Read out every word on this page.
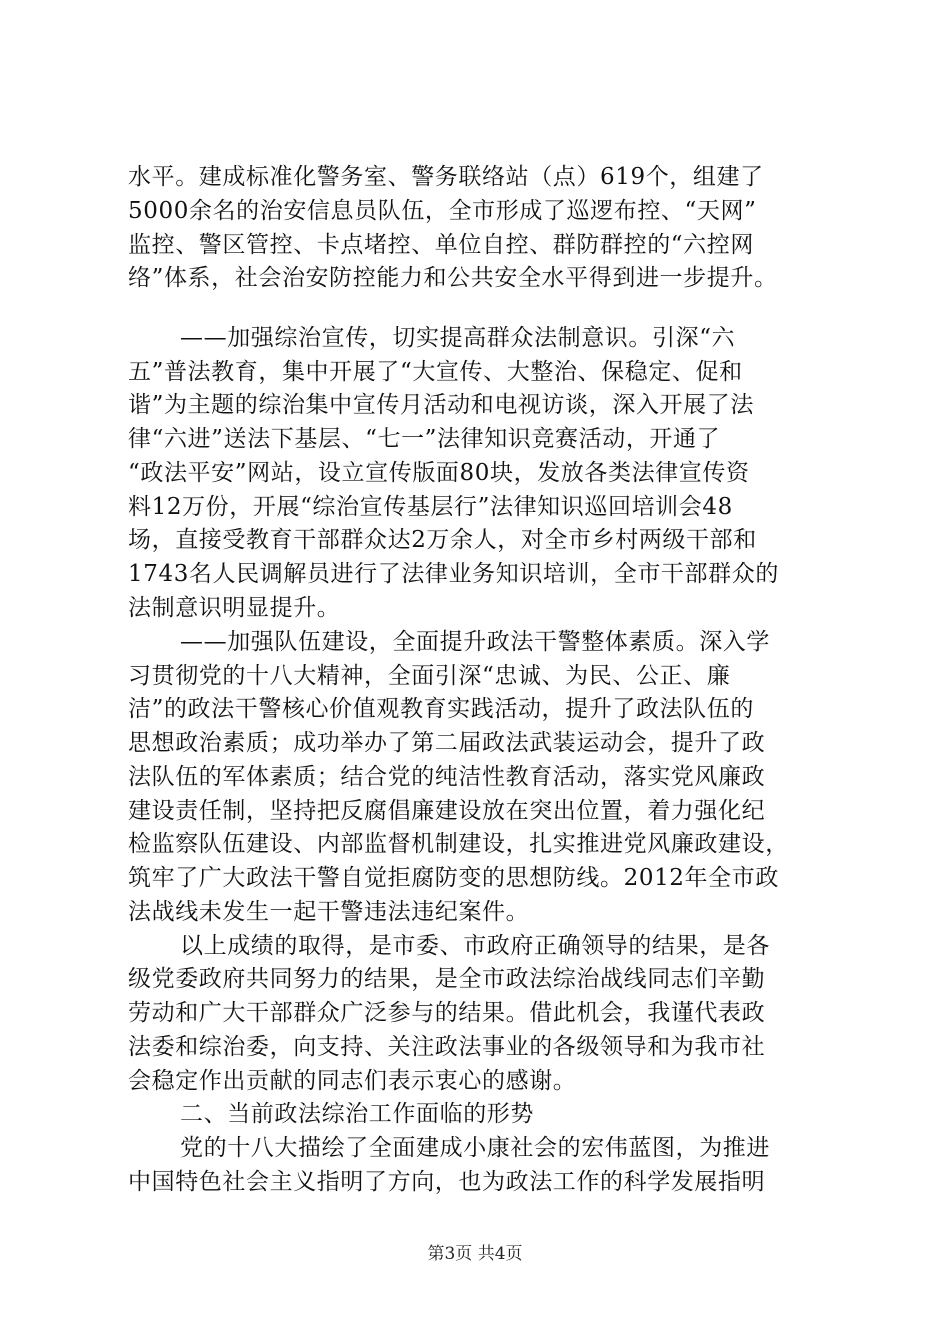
水平。建成标准化警务室、警务联络站（点）619个，组建了
5000余名的治安信息员队伍，全市形成了巡逻布控、“天网”
监控、警区管控、卡点堵控、单位自控、群防群控的“六控网
络”体系，社会治安防控能力和公共安全水平得到进一步提升。
——加强综治宣传，切实提高群众法制意识。引深“六
五”普法教育，集中开展了“大宣传、大整治、保稳定、促和
谐”为主题的综治集中宣传月活动和电视访谈，深入开展了法
律“六进”送法下基层、“七一”法律知识竞赛活动，开通了
“政法平安”网站，设立宣传版面80块，发放各类法律宣传资
料12万份，开展“综治宣传基层行”法律知识巡回培训会48
场，直接受教育干部群众达2万余人，对全市乡村两级干部和
1743名人民调解员进行了法律业务知识培训，全市干部群众的
法制意识明显提升。
——加强队伍建设，全面提升政法干警整体素质。深入学
习贯彻党的十八大精神，全面引深“忠诚、为民、公正、廉
洁”的政法干警核心价值观教育实践活动，提升了政法队伍的
思想政治素质；成功举办了第二届政法武装运动会，提升了政
法队伍的军体素质；结合党的纯洁性教育活动，落实党风廉政
建设责任制，坚持把反腐倡廉建设放在突出位置，着力强化纪
检监察队伍建设、内部监督机制建设，扎实推进党风廉政建设，
筑牢了广大政法干警自觉拒腐防变的思想防线。2012年全市政
法战线未发生一起干警违法违纪案件。
以上成绩的取得，是市委、市政府正确领导的结果，是各
级党委政府共同努力的结果，是全市政法综治战线同志们辛勤
劳动和广大干部群众广泛参与的结果。借此机会，我谨代表政
法委和综治委，向支持、关注政法事业的各级领导和为我市社
会稳定作出贡献的同志们表示衷心的感谢。
二、当前政法综治工作面临的形势
党的十八大描绘了全面建成小康社会的宏伟蓝图，为推进
中国特色社会主义指明了方向，也为政法工作的科学发展指明
第3页 共4页
